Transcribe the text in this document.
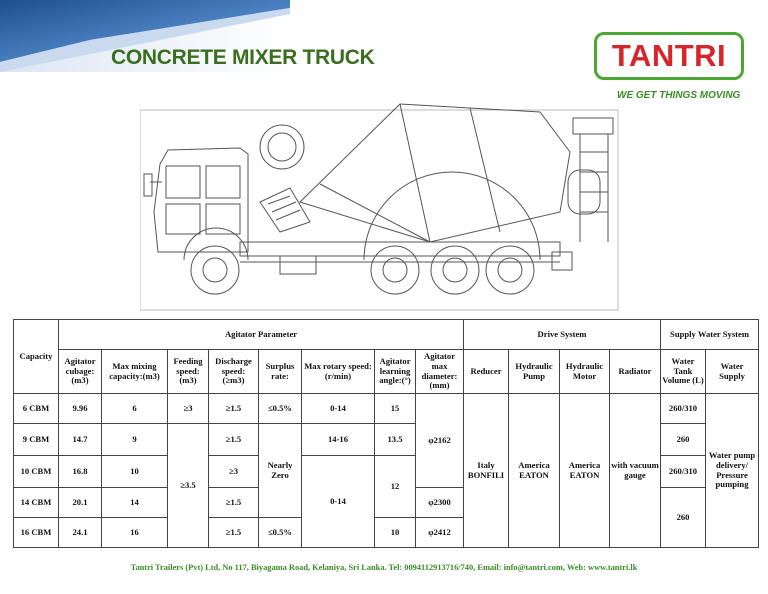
CONCRETE MIXER TRUCK	TANTRI
WE GET THINGS MOVING
Capacity	Agitator Parameter								Drive System				Supply Water System	
	Agitator cubage: (m3)	Max mixing capacity:(m3)	Feeding speed: (m3)	Discharge speed: (≥m3)	Surplus rate:	Max rotary speed:(r/min)	Agitator learning angle:(°)	Agitator max diameter: (mm)	Reducer	Hydraulic Pump	Hydraulic Motor	Radiator	Water Tank Volume (L)	Water Supply
6 CBM	9.96	6	≥3	≥1.5	≤0.5%	0-14	15	φ2162	Italy BONFILI	America EATON	America EATON	with vacuum gauge	260/310	Water pump delivery/ Pressure pumping
9 CBM	14.7	9	≥3.5	≥1.5	Nearly Zero	14-16	13.5						260	
10 CBM	16.8	10		≥3		0-14	12						260/310	
14 CBM	20.1	14		≥1.5				φ2300					260	
16 CBM	24.1	16		≥1.5	≤0.5%		10	φ2412						
Tantri Trailers (Pvt) Ltd, No 117, Biyagama Road, Kelaniya, Sri Lanka. Tel: 0094112913716/740, Email: info@tantri.com, Web: www.tantri.lk
